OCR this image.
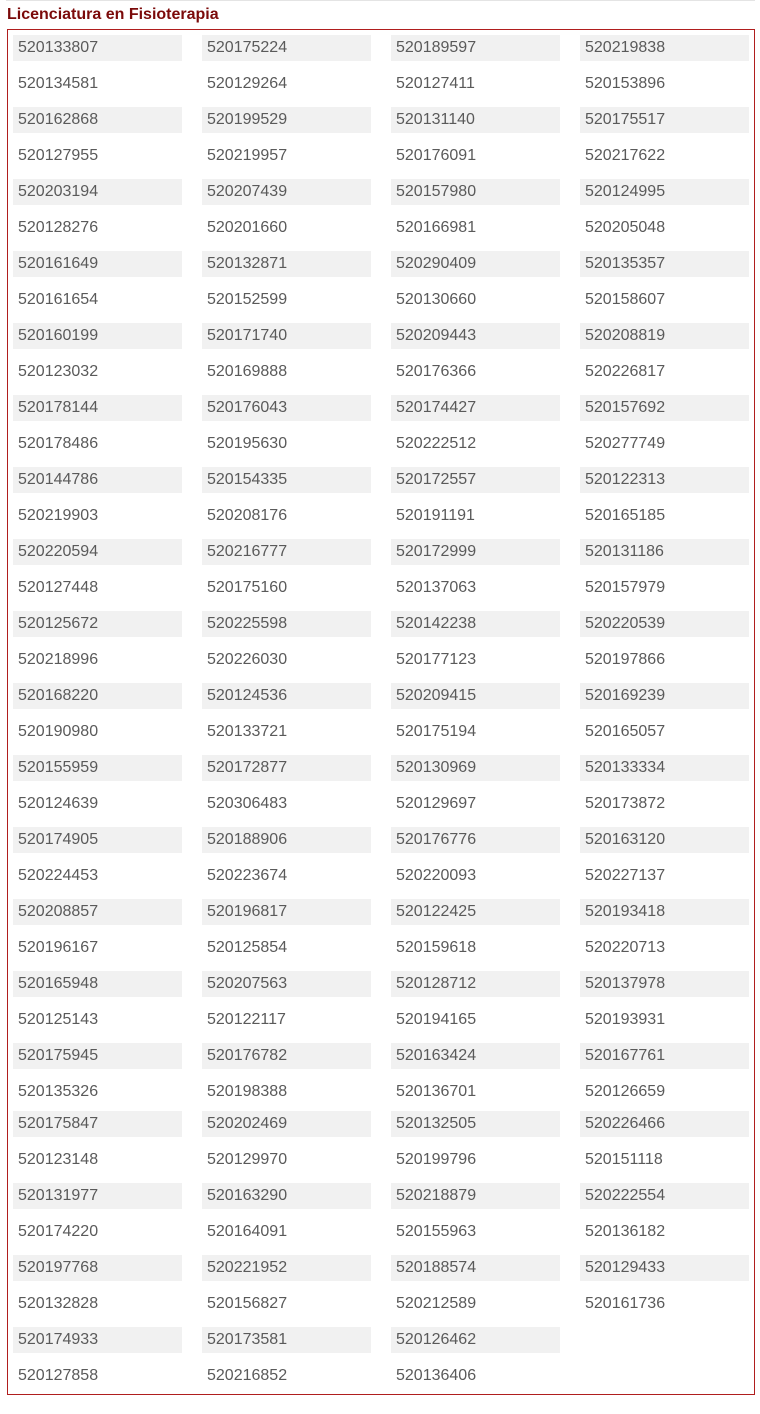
Licenciatura en Fisioterapia
520133807
520134581
520162868
520127955
520203194
520128276
520161649
520161654
520160199
520123032
520178144
520178486
520144786
520219903
520220594
520127448
520125672
520218996
520168220
520190980
520155959
520124639
520174905
520224453
520208857
520196167
520165948
520125143
520175945
520135326
520175847
520123148
520131977
520174220
520197768
520132828
520174933
520127858
520175224
520129264
520199529
520219957
520207439
520201660
520132871
520152599
520171740
520169888
520176043
520195630
520154335
520208176
520216777
520175160
520225598
520226030
520124536
520133721
520172877
520306483
520188906
520223674
520196817
520125854
520207563
520122117
520176782
520198388
520202469
520129970
520163290
520164091
520221952
520156827
520173581
520216852
520189597
520127411
520131140
520176091
520157980
520166981
520290409
520130660
520209443
520176366
520174427
520222512
520172557
520191191
520172999
520137063
520142238
520177123
520209415
520175194
520130969
520129697
520176776
520220093
520122425
520159618
520128712
520194165
520163424
520136701
520132505
520199796
520218879
520155963
520188574
520212589
520126462
520136406
520219838
520153896
520175517
520217622
520124995
520205048
520135357
520158607
520208819
520226817
520157692
520277749
520122313
520165185
520131186
520157979
520220539
520197866
520169239
520165057
520133334
520173872
520163120
520227137
520193418
520220713
520137978
520193931
520167761
520126659
520226466
520151118
520222554
520136182
520129433
520161736
